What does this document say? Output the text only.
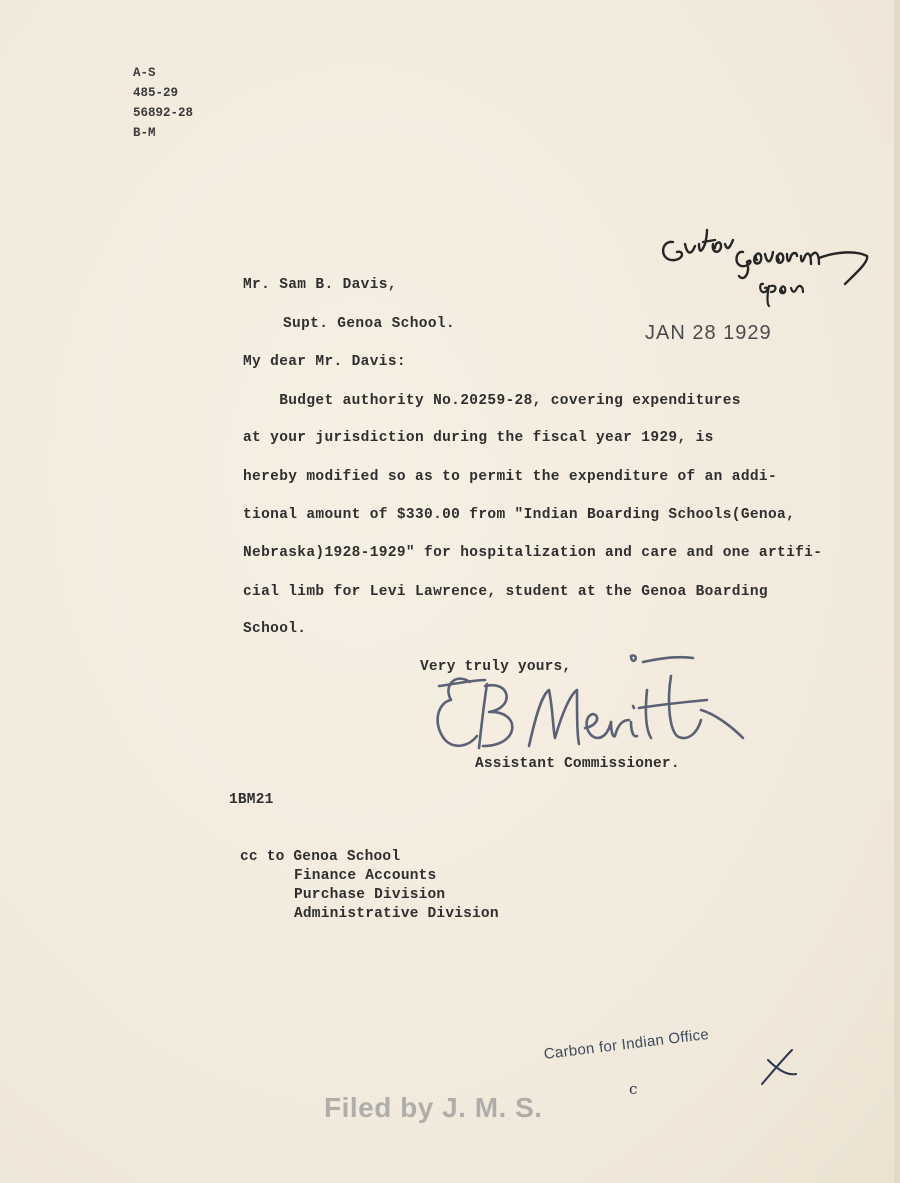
A-S
485-29
56892-28
B-M
Genoa Govern Spon
Mr. Sam B. Davis,
Supt. Genoa School.	JAN 28 1929
My dear Mr. Davis:
Budget authority No.20259-28, covering expenditures
at your jurisdiction during the fiscal year 1929, is
hereby modified so as to permit the expenditure of an addi-
tional amount of $330.00 from "Indian Boarding Schools(Genoa,
Nebraska)1928-1929" for hospitalization and care and one artifi-
cial limb for Levi Lawrence, student at the Genoa Boarding
School.
Very truly yours,
E B Meritt
Assistant Commissioner.
1BM21
cc to Genoa School
Finance Accounts
Purchase Division
Administrative Division
Carbon for Indian Office
c
Filed by J. M. S.
